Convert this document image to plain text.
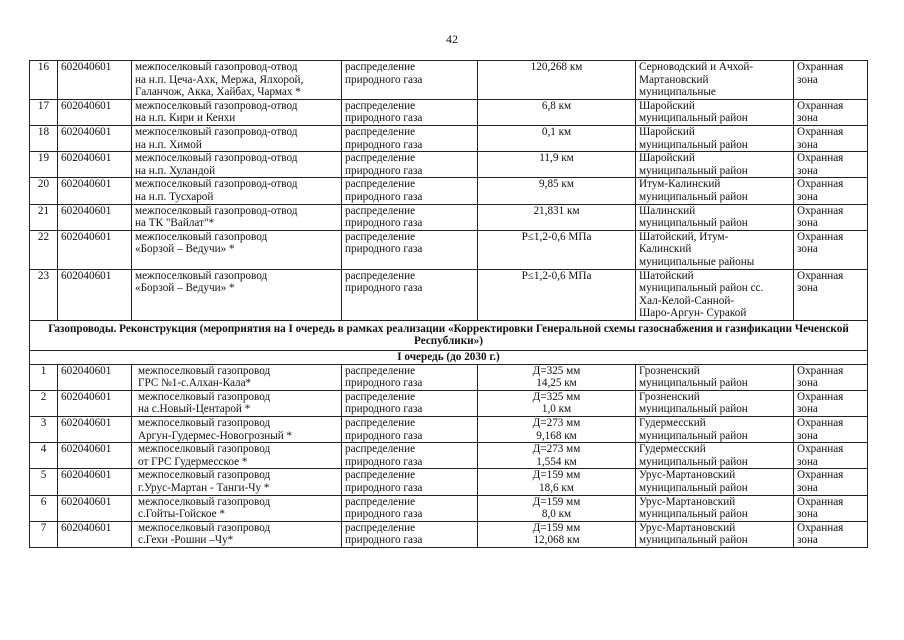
42
16	602040601	межпоселковый газопровод-отвод
на н.п. Цеча-Ахк, Мержа, Ялхорой,
Галанчож, Акка, Хайбах, Чармах *	распределение
природного газа	120,268 км	Серноводский и Ачхой-
Мартановский
муниципальные	Охранная зона
17	602040601	межпоселковый газопровод-отвод
на н.п. Кири и Кенхи	распределение
природного газа	6,8 км	Шаройский
муниципальный район	Охранная зона
18	602040601	межпоселковый газопровод-отвод
на н.п. Химой	распределение
природного газа	0,1 км	Шаройский
муниципальный район	Охранная зона
19	602040601	межпоселковый газопровод-отвод
на н.п. Хуландой	распределение
природного газа	11,9 км	Шаройский
муниципальный район	Охранная зона
20	602040601	межпоселковый газопровод-отвод
на н.п. Тусхарой	распределение
природного газа	9,85 км	Итум-Калинский
муниципальный район	Охранная зона
21	602040601	межпоселковый газопровод-отвод
на ТК "Вайлат"*	распределение
природного газа	21,831 км	Шалинский
муниципальный район	Охранная зона
22	602040601	межпоселковый газопровод
«Борзой – Ведучи» *	распределение
природного газа	Р≤1,2-0,6 МПа	Шатойский, Итум-
Калинский
муниципальные районы	Охранная зона
23	602040601	межпоселковый газопровод
«Борзой – Ведучи» *	распределение
природного газа	Р≤1,2-0,6 МПа	Шатойский
муниципальный район сс.
Хал-Келой-Санной-
Шаро-Аргун- Суракой	Охранная зона
Газопроводы. Реконструкция (мероприятия на I очередь в рамках реализации «Корректировки Генеральной схемы газоснабжения и газификации Чеченской Республики»)						
I очередь (до 2030 г.)						
1	602040601	межпоселковый газопровод
ГРС №1-с.Алхан-Кала*	распределение
природного газа	Д=325 мм
14,25 км	Грозненский
муниципальный район	Охранная зона
2	602040601	межпоселковый газопровод
на с.Новый-Центарой *	распределение
природного газа	Д=325 мм
1,0 км	Грозненский
муниципальный район	Охранная зона
3	602040601	межпоселковый газопровод
Аргун-Гудермес-Новогрозный *	распределение
природного газа	Д=273 мм
9,168 км	Гудермесский
муниципальный район	Охранная зона
4	602040601	межпоселковый газопровод
от ГРС Гудермесское *	распределение
природного газа	Д=273 мм
1,554 км	Гудермесский
муниципальный район	Охранная зона
5	602040601	межпоселковый газопровод
г.Урус-Мартан - Танги-Чу *	распределение
природного газа	Д=159 мм
18,6 км	Урус-Мартановский
муниципальный район	Охранная зона
6	602040601	межпоселковый газопровод
с.Гойты-Гойское *	распределение
природного газа	Д=159 мм
8,0 км	Урус-Мартановский
муниципальный район	Охранная зона
7	602040601	межпоселковый газопровод
с.Гехи -Рошни –Чу*	распределение
природного газа	Д=159 мм
12,068 км	Урус-Мартановский
муниципальный район	Охранная зона
